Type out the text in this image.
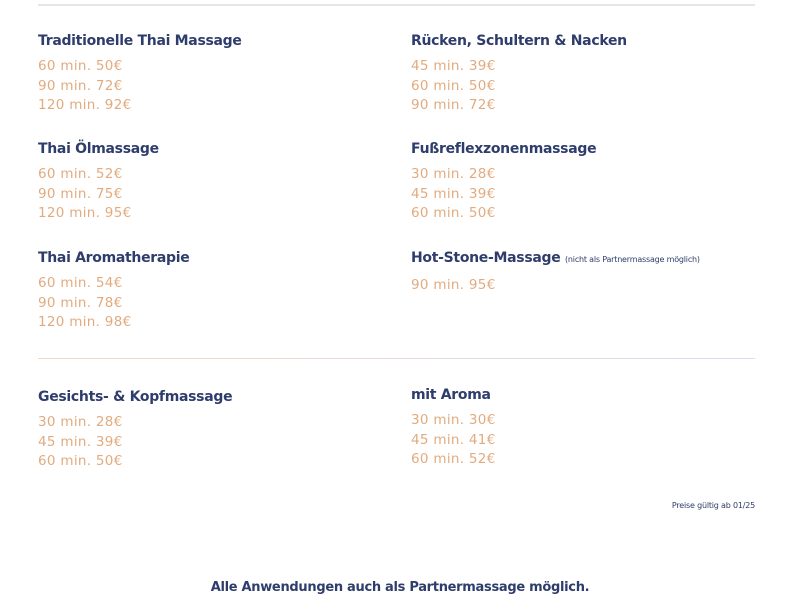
Traditionelle Thai Massage
60 min. 50€
90 min. 72€
120 min. 92€
Rücken, Schultern & Nacken
45 min. 39€
60 min. 50€
90 min. 72€
Thai Ölmassage
60 min. 52€
90 min. 75€
120 min. 95€
Fußreflexzonenmassage
30 min. 28€
45 min. 39€
60 min. 50€
Thai Aromatherapie
60 min. 54€
90 min. 78€
120 min. 98€
Hot-Stone-Massage (nicht als Partnermassage möglich)
90 min. 95€
Gesichts- & Kopfmassage
30 min. 28€
45 min. 39€
60 min. 50€
mit Aroma
30 min. 30€
45 min. 41€
60 min. 52€
Preise gültig ab 01/25
Alle Anwendungen auch als Partnermassage möglich.
